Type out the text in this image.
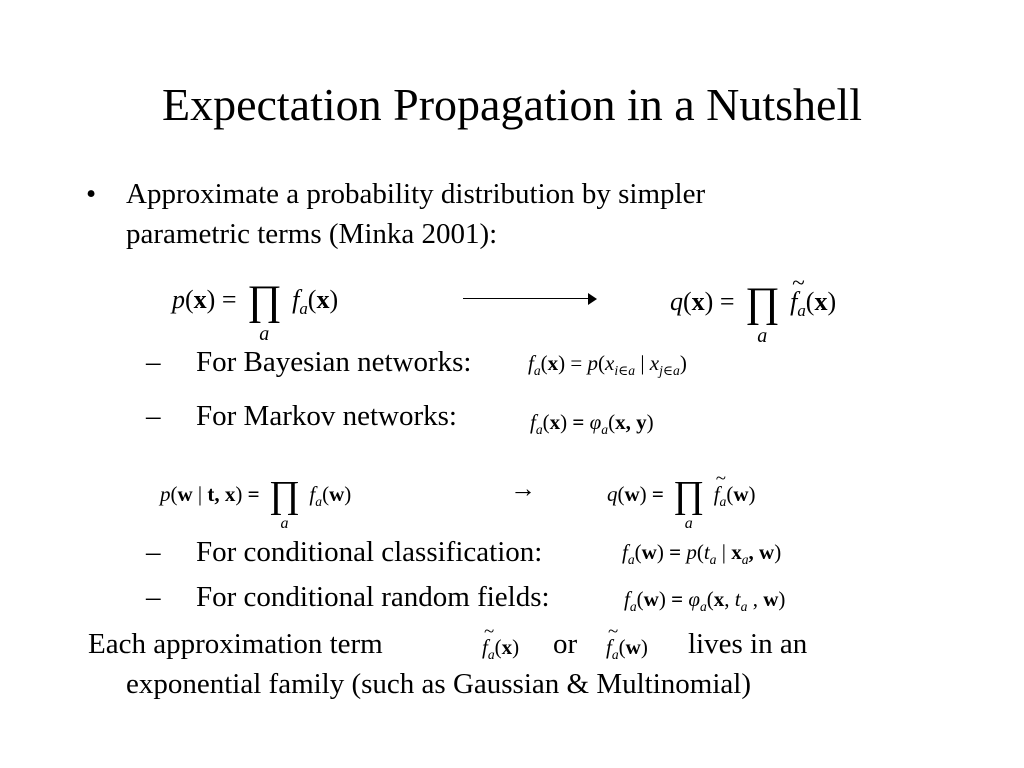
Expectation Propagation in a Nutshell
• Approximate a probability distribution by simpler
parametric terms (Minka 2001):
p(x) = ∏
a
$f_a(x)$	q(x) = ∏
a
~ $f_a(x)$
– For Bayesian networks:	$f_a(x) = p(x_{i\in a}$ | $x_{j\in a}$)
– For Markov networks:	$f_a(x) = \varphi_a(x$, y)
p(w | t, x) = ∏
a
$f_a(w)$	→	q(w) = ∏
a
~ $f_a(w)$
– For conditional classification:	$f_a(w) = p(t_a$ | $x_a$, w)
– For conditional random fields:	$f_a(w) = \varphi_a(x$, $t_a$ , w)
Each approximation term	~ $f_a(x)$ or ~ $f_a(w)$ lives in an
exponential family (such as Gaussian & Multinomial)
